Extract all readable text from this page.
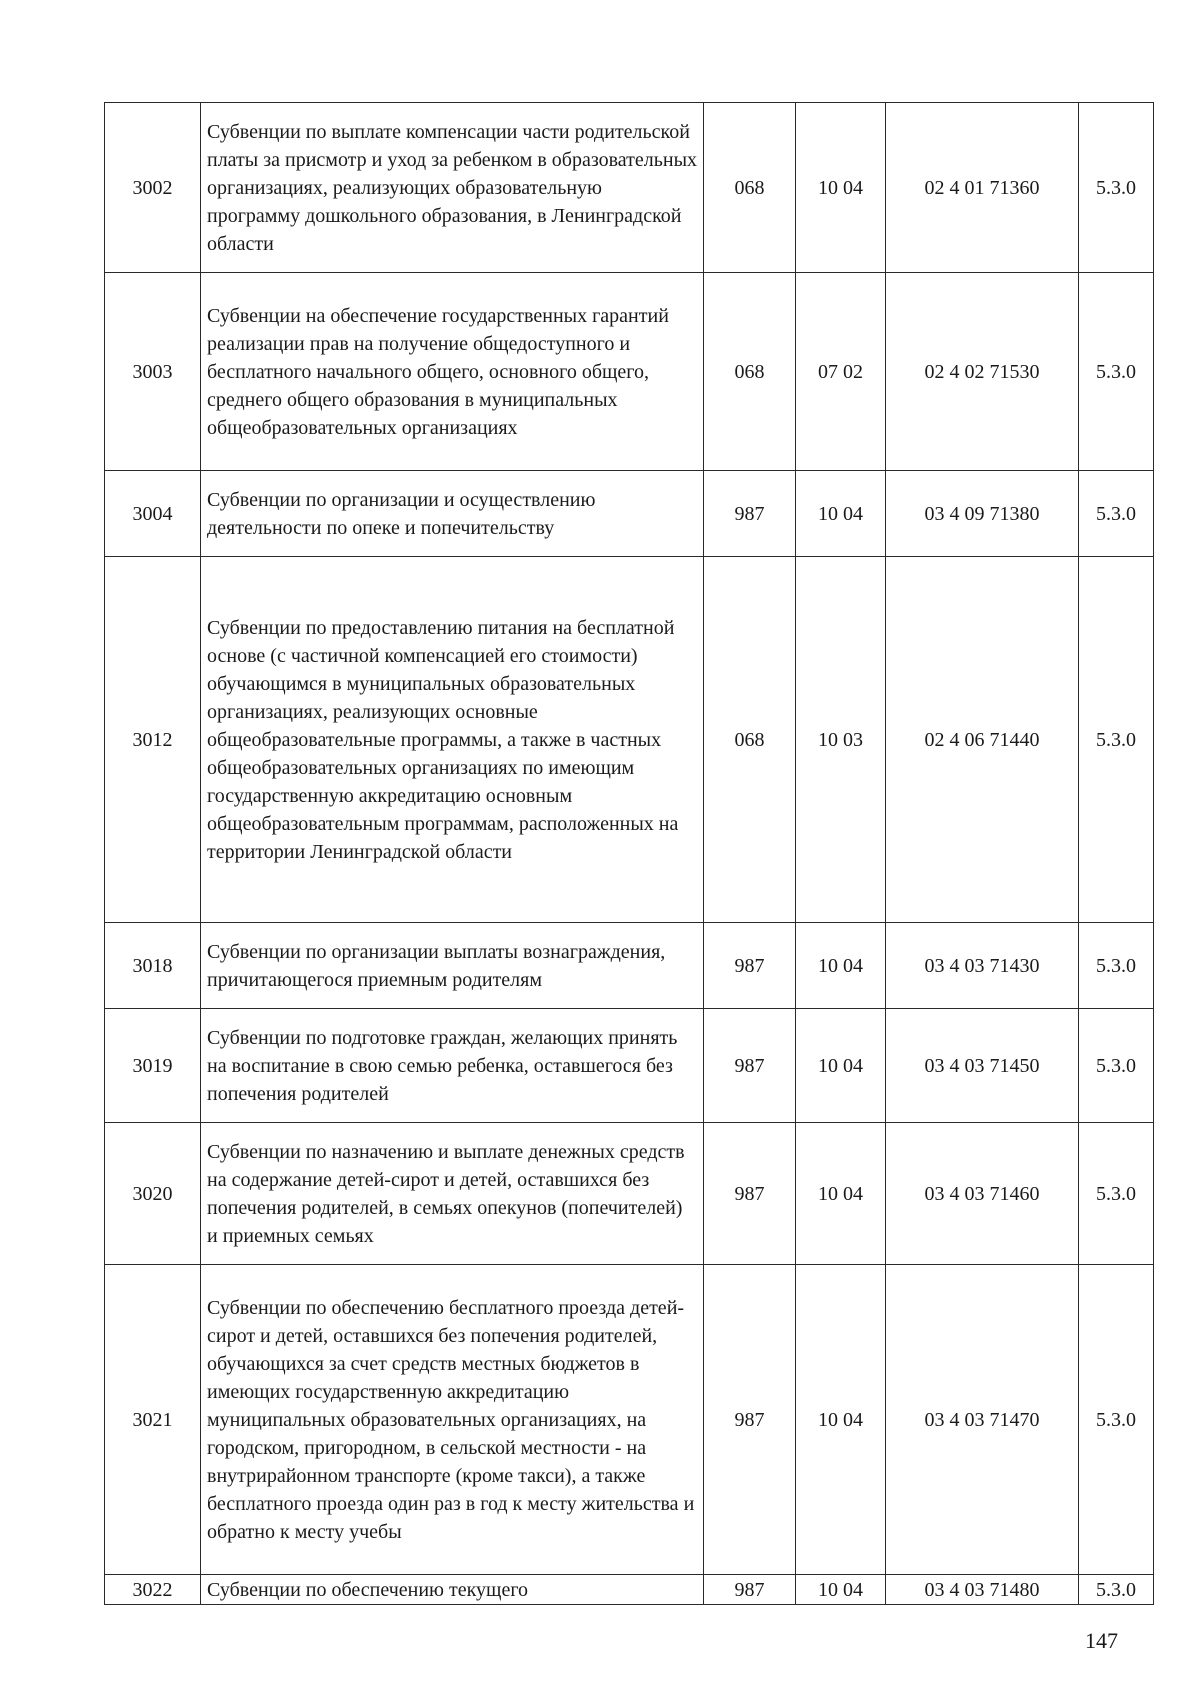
3002	Субвенции по выплате компенсации части родительской платы за присмотр и уход за ребенком в образовательных организациях, реализующих образовательную программу дошкольного образования, в Ленинградской области	068	10 04	02 4 01 71360	5.3.0
3003	Субвенции на обеспечение государственных гарантий реализации прав на получение общедоступного и бесплатного начального общего, основного общего, среднего общего образования в муниципальных общеобразовательных организациях	068	07 02	02 4 02 71530	5.3.0
3004	Субвенции по организации и осуществлению деятельности по опеке и попечительству	987	10 04	03 4 09 71380	5.3.0
3012	Субвенции по предоставлению питания на бесплатной основе (с частичной компенсацией его стоимости) обучающимся в муниципальных образовательных организациях, реализующих основные общеобразовательные программы, а также в частных общеобразовательных организациях по имеющим государственную аккредитацию основным общеобразовательным программам, расположенных на территории Ленинградской области	068	10 03	02 4 06 71440	5.3.0
3018	Субвенции по организации выплаты вознаграждения, причитающегося приемным родителям	987	10 04	03 4 03 71430	5.3.0
3019	Субвенции по подготовке граждан, желающих принять на воспитание в свою семью ребенка, оставшегося без попечения родителей	987	10 04	03 4 03 71450	5.3.0
3020	Субвенции по назначению и выплате денежных средств на содержание детей-сирот и детей, оставшихся без попечения родителей, в семьях опекунов (попечителей) и приемных семьях	987	10 04	03 4 03 71460	5.3.0
3021	Субвенции по обеспечению бесплатного проезда детей-сирот и детей, оставшихся без попечения родителей, обучающихся за счет средств местных бюджетов в имеющих государственную аккредитацию муниципальных образовательных организациях, на городском, пригородном, в сельской местности - на внутрирайонном транспорте (кроме такси), а также бесплатного проезда один раз в год к месту жительства и обратно к месту учебы	987	10 04	03 4 03 71470	5.3.0
3022	Субвенции по обеспечению текущего	987	10 04	03 4 03 71480	5.3.0
147
